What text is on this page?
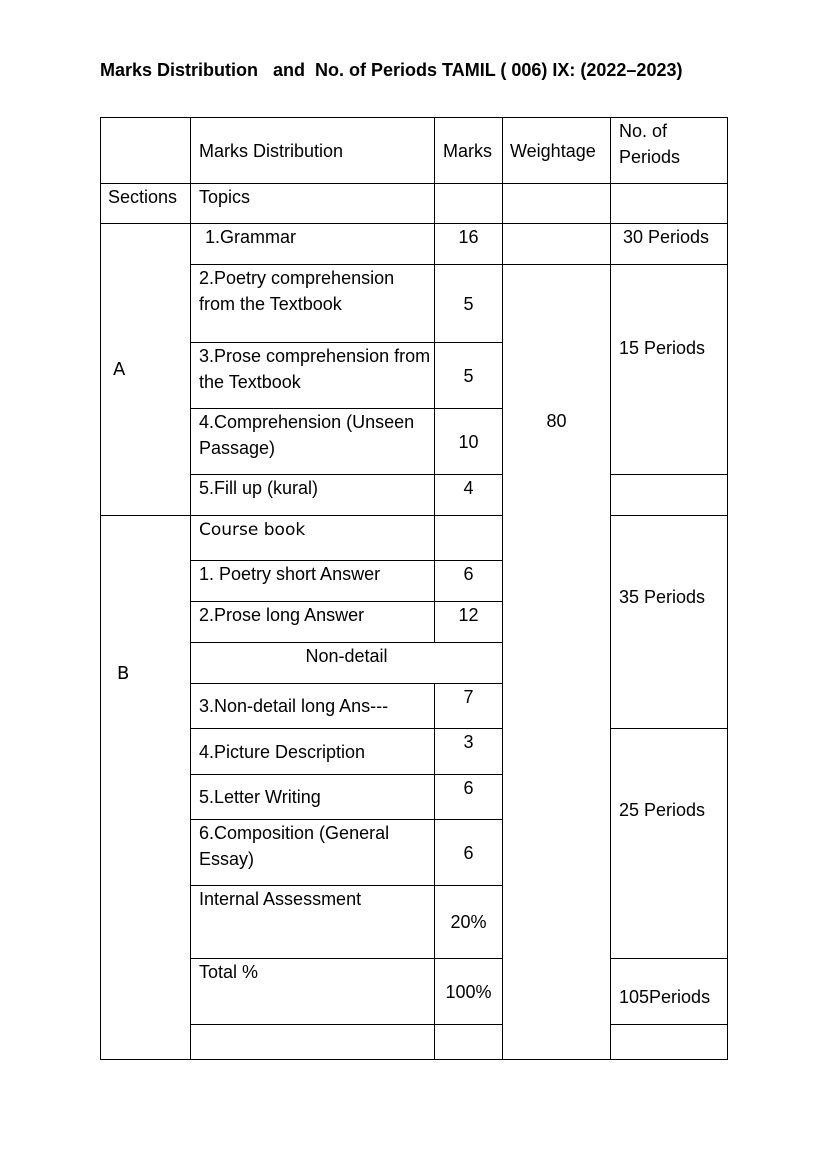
Marks Distribution   and  No. of Periods TAMIL ( 006) IX: (2022–2023)
	Marks Distribution	Marks	Weightage	No. of Periods	
Sections	Topics				
A	1.Grammar	16		30 Periods	
	2.Poetry comprehension from the Textbook	5	80	15 Periods	
	3.Prose comprehension from the Textbook	5			
	4.Comprehension (Unseen Passage)	10			
	5.Fill up (kural)	4			
B	Course book			35 Periods	
	1. Poetry short Answer	6			
	2.Prose long Answer	12			
	Non-detail				
	3.Non-detail long Ans---	7			
	4.Picture Description	3		25 Periods	
	5.Letter Writing	6			
	6.Composition (General Essay)	6			
	Internal Assessment	20%			
	Total %	100%		105Periods	
